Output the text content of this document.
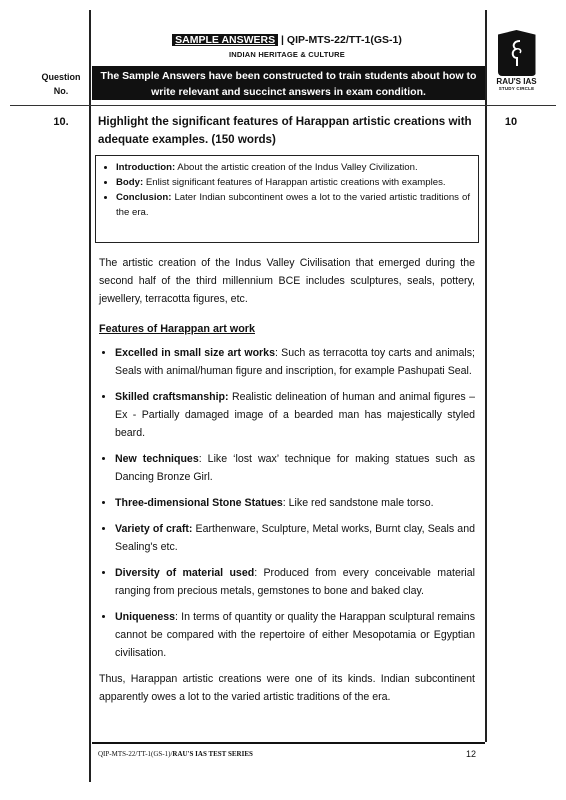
SAMPLE ANSWERS | QIP-MTS-22/TT-1(GS-1)
INDIAN HERITAGE & CULTURE
Question
No.
The Sample Answers have been constructed to train students about how to
write relevant and succinct answers in exam condition.
RAU'S IAS
STUDY CIRCLE
10.	10
Highlight the significant features of Harappan artistic creations with adequate examples. (150 words)
• Introduction: About the artistic creation of the Indus Valley Civilization.
• Body: Enlist significant features of Harappan artistic creations with examples.
• Conclusion: Later Indian subcontinent owes a lot to the varied artistic traditions of the era.

The artistic creation of the Indus Valley Civilisation that emerged during the second half of the third millennium BCE includes sculptures, seals, pottery, jewellery, terracotta figures, etc.

Features of Harappan art work
• Excelled in small size art works: Such as terracotta toy carts and animals; Seals with animal/human figure and inscription, for example Pashupati Seal.
• Skilled craftsmanship: Realistic delineation of human and animal figures – Ex - Partially damaged image of a bearded man has majestically styled beard.
• New techniques: Like ‘lost wax’ technique for making statues such as Dancing Bronze Girl.
• Three-dimensional Stone Statues: Like red sandstone male torso.
• Variety of craft: Earthenware, Sculpture, Metal works, Burnt clay, Seals and Sealing's etc.
• Diversity of material used: Produced from every conceivable material ranging from precious metals, gemstones to bone and baked clay.
• Uniqueness: In terms of quantity or quality the Harappan sculptural remains cannot be compared with the repertoire of either Mesopotamia or Egyptian civilisation.

Thus, Harappan artistic creations were one of its kinds. Indian subcontinent apparently owes a lot to the varied artistic traditions of the era.

QIP-MTS-22/TT-1(GS-1)/RAU'S IAS TEST SERIES	12
